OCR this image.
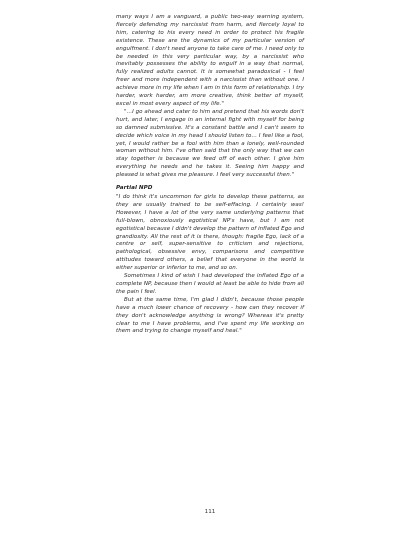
many ways I am a vanguard, a public two-way warning system, fiercely defending my narcissist from harm, and fiercely loyal to him, catering to his every need in order to protect his fragile existence. These are the dynamics of my particular version of engulfment. I don't need anyone to take care of me. I need only to be needed in this very particular way, by a narcissist who inevitably possesses the ability to engulf in a way that normal, fully realized adults cannot. It is somewhat paradoxical - I feel freer and more independent with a narcissist than without one. I achieve more in my life when I am in this form of relationship. I try harder, work harder, am more creative, think better of myself, excel in most every aspect of my life."

"…I go ahead and cater to him and pretend that his words don't hurt, and later, I engage in an internal fight with myself for being so damned submissive. It's a constant battle and I can't seem to decide which voice in my head I should listen to… I feel like a fool, yet, I would rather be a fool with him than a lonely, well-rounded woman without him. I've often said that the only way that we can stay together is because we feed off of each other. I give him everything he needs and he takes it. Seeing him happy and pleased is what gives me pleasure. I feel very successful then."

Partial NPD

"I do think it's uncommon for girls to develop these patterns, as they are usually trained to be self-effacing. I certainly was! However, I have a lot of the very same underlying patterns that full-blown, obnoxiously egotistical NP's have, but I am not egotistical because I didn't develop the pattern of inflated Ego and grandiosity. All the rest of it is there, though: fragile Ego, lack of a centre or self, super-sensitive to criticism and rejections, pathological, obsessive envy, comparisons and competitive attitudes toward others, a belief that everyone in the world is either superior or inferior to me, and so on.

Sometimes I kind of wish I had developed the inflated Ego of a complete NP, because then I would at least be able to hide from all the pain I feel.

But at the same time, I'm glad I didn't, because those people have a much lower chance of recovery - how can they recover if they don't acknowledge anything is wrong? Whereas it's pretty clear to me I have problems, and I've spent my life working on them and trying to change myself and heal."

111
